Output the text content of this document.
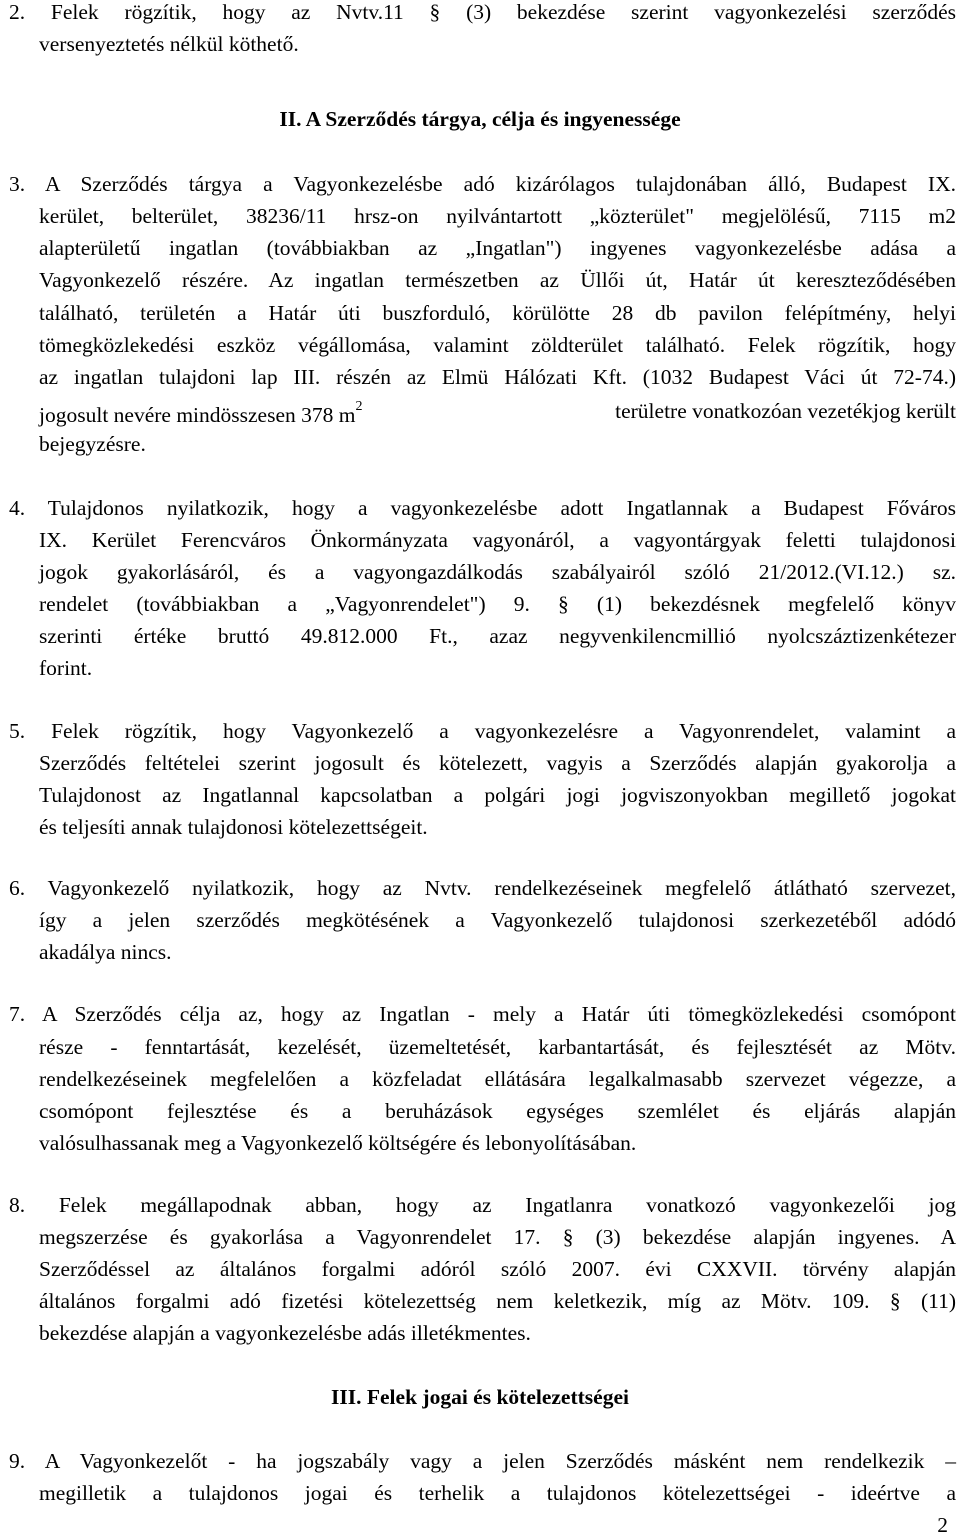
2. Felek rögzítik, hogy az Nvtv.11 § (3) bekezdése szerint vagyonkezelési szerződés
versenyeztetés nélkül köthető.
II. A Szerződés tárgya, célja és ingyenessége
3. A Szerződés tárgya a Vagyonkezelésbe adó kizárólagos tulajdonában álló, Budapest IX.
kerület, belterület, 38236/11 hrsz-on nyilvántartott „közterület" megjelölésű, 7115 m2
alapterületű ingatlan (továbbiakban az „Ingatlan") ingyenes vagyonkezelésbe adása a
Vagyonkezelő részére. Az ingatlan természetben az Üllői út, Határ út kereszteződésében
található, területén a Határ úti buszforduló, körülötte 28 db pavilon felépítmény, helyi
tömegközlekedési eszköz végállomása, valamint zöldterület található. Felek rögzítik, hogy
az ingatlan tulajdoni lap III. részén az Elmü Hálózati Kft. (1032 Budapest Váci út 72-74.)
jogosult nevére mindösszesen 378 $m^2$	területre vonatkozóan vezetékjog került
bejegyzésre.
4. Tulajdonos nyilatkozik, hogy a vagyonkezelésbe adott Ingatlannak a Budapest Főváros
IX. Kerület Ferencváros Önkormányzata vagyonáról, a vagyontárgyak feletti tulajdonosi
jogok gyakorlásáról, és a vagyongazdálkodás szabályairól szóló 21/2012.(VI.12.) sz.
rendelet (továbbiakban a „Vagyonrendelet") 9. § (1) bekezdésnek megfelelő könyv
szerinti értéke bruttó 49.812.000 Ft., azaz negyvenkilencmillió nyolcszáztizenkétezer
forint.
5. Felek rögzítik, hogy Vagyonkezelő a vagyonkezelésre a Vagyonrendelet, valamint a
Szerződés feltételei szerint jogosult és kötelezett, vagyis a Szerződés alapján gyakorolja a
Tulajdonost az Ingatlannal kapcsolatban a polgári jogi jogviszonyokban megillető jogokat
és teljesíti annak tulajdonosi kötelezettségeit.
6. Vagyonkezelő nyilatkozik, hogy az Nvtv. rendelkezéseinek megfelelő átlátható szervezet,
így a jelen szerződés megkötésének a Vagyonkezelő tulajdonosi szerkezetéből adódó
akadálya nincs.
7. A Szerződés célja az, hogy az Ingatlan - mely a Határ úti tömegközlekedési csomópont
része - fenntartását, kezelését, üzemeltetését, karbantartását, és fejlesztését az Mötv.
rendelkezéseinek megfelelően a közfeladat ellátására legalkalmasabb szervezet végezze, a
csomópont fejlesztése és a beruházások egységes szemlélet és eljárás alapján
valósulhassanak meg a Vagyonkezelő költségére és lebonyolításában.
8. Felek megállapodnak abban, hogy az Ingatlanra vonatkozó vagyonkezelői jog
megszerzése és gyakorlása a Vagyonrendelet 17. § (3) bekezdése alapján ingyenes. A
Szerződéssel az általános forgalmi adóról szóló 2007. évi CXXVII. törvény alapján
általános forgalmi adó fizetési kötelezettség nem keletkezik, míg az Mötv. 109. § (11)
bekezdése alapján a vagyonkezelésbe adás illetékmentes.
III. Felek jogai és kötelezettségei
9. A Vagyonkezelőt - ha jogszabály vagy a jelen Szerződés másként nem rendelkezik –
megilletik a tulajdonos jogai és terhelik a tulajdonos kötelezettségei - ideértve a
2
